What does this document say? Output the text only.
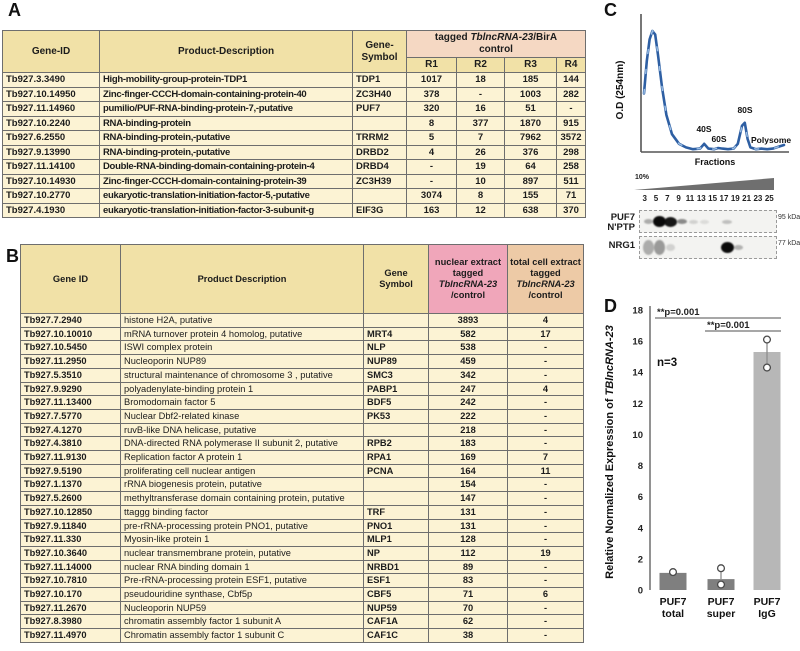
A
Gene-ID	Product-Description	
Gene-
Symbol

tagged TblncRNA-23/BirA
control

			R1	R2	R3	R4
Tb927.3.3490	High-mobility-group-protein-TDP1	TDP1	1017	18	185	144
Tb927.10.14950	Zinc-finger-CCCH-domain-containing-protein-40	ZC3H40	378	-	1003	282
Tb927.11.14960	pumilio/PUF-RNA-binding-protein-7,-putative	PUF7	320	16	51	-
Tb927.10.2240	RNA-binding-protein		8	377	1870	915
Tb927.6.2550	RNA-binding-protein,-putative	TRRM2	5	7	7962	3572
Tb927.9.13990	RNA-binding-protein,-putative	DRBD2	4	26	376	298
Tb927.11.14100	Double-RNA-binding-domain-containing-protein-4	DRBD4	-	19	64	258
Tb927.10.14930	Zinc-finger-CCCH-domain-containing-protein-39	ZC3H39	-	10	897	511
Tb927.10.2770	eukaryotic-translation-initiation-factor-5,-putative		3074	8	155	71
Tb927.4.1930	eukaryotic-translation-initiation-factor-3-subunit-g	EIF3G	163	12	638	370
B
Gene ID	Product Description	Gene
Symbol	nuclear extract tagged TblncRNA-23 /control	total cell extract tagged TblncRNA-23 /control
Tb927.7.2940	histone H2A, putative		3893	4
Tb927.10.10010	mRNA turnover protein 4 homolog, putative	MRT4	582	17
Tb927.10.5450	ISWI complex protein	NLP	538	-
Tb927.11.2950	Nucleoporin NUP89	NUP89	459	-
Tb927.5.3510	structural maintenance of chromosome 3 , putative	SMC3	342	-
Tb927.9.9290	polyadenylate-binding protein 1	PABP1	247	4
Tb927.11.13400	Bromodomain factor 5	BDF5	242	-
Tb927.7.5770	Nuclear Dbf2-related kinase	PK53	222	-
Tb927.4.1270	ruvB-like DNA helicase, putative		218	-
Tb927.4.3810	DNA-directed RNA polymerase II subunit 2, putative	RPB2	183	-
Tb927.11.9130	Replication factor A protein 1	RPA1	169	7
Tb927.9.5190	proliferating cell nuclear antigen	PCNA	164	11
Tb927.1.1370	rRNA biogenesis protein, putative		154	-
Tb927.5.2600	methyltransferase domain containing protein, putative		147	-
Tb927.10.12850	ttaggg binding factor	TRF	131	-
Tb927.9.11840	pre-rRNA-processing protein PNO1, putative	PNO1	131	-
Tb927.11.330	Myosin-like protein 1	MLP1	128	-
Tb927.10.3640	nuclear transmembrane protein, putative	NP	112	19
Tb927.11.14000	nuclear RNA binding domain 1	NRBD1	89	-
Tb927.10.7810	Pre-rRNA-processing protein ESF1, putative	ESF1	83	-
Tb927.10.170	pseudouridine synthase, Cbf5p	CBF5	71	6
Tb927.11.2670	Nucleoporin NUP59	NUP59	70	-
Tb927.8.3980	chromatin assembly factor 1 subunit A	CAF1A	62	-
Tb927.11.4970	Chromatin assembly factor 1 subunit C	CAF1C	38	-
C
O.D (254nm)
40S
60S
80S
Polysome
Fractions
10%
3 5 7 9 11 13 15 17 19 21 23 25
PUF7
N'PTP
95 kDa
NRG1	77 kDa
D
0
2
4
6
8
10
12
14
16
18 **p=0.001
**p=0.001
n=3
Relative Normalized Expression of TBlncRNA-23
PUF7
total
PUF7
super
PUF7
IgG
